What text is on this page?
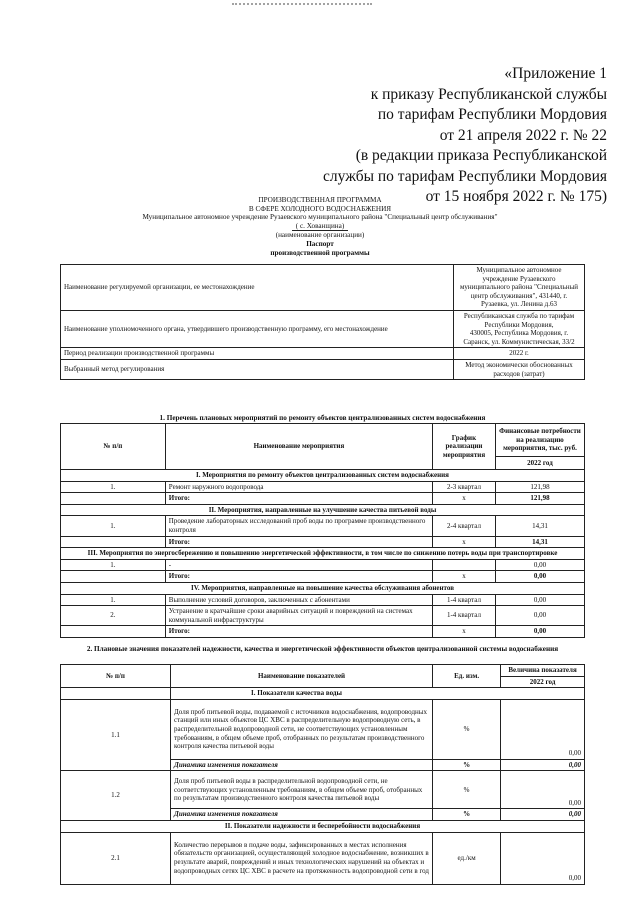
«Приложение 1
к приказу Республиканской службы
по тарифам Республики Мордовия
от 21 апреля 2022 г. № 22
(в редакции приказа Республиканской
службы по тарифам Республики Мордовия
от 15 ноября 2022 г. № 175)
ПРОИЗВОДСТВЕННАЯ ПРОГРАММА
В СФЕРЕ ХОЛОДНОГО ВОДОСНАБЖЕНИЯ
Муниципальное автономное учреждение Рузаевского муниципального района "Специальный центр обслуживания"
( с. Хованщина)
(наименование организации)
Паспорт
производственной программы
Наименование регулируемой организации, ее местонахождение	Муниципальное автономное
учреждение Рузаевского
муниципального района "Специальный
центр обслуживания", 431440, г.
Рузаевка, ул. Ленина д.63

Наименование уполномоченного органа, утвердившего производственную программу, его местонахождение	Республиканская служба по тарифам
Республики Мордовия,
430005, Республика Мордовия, г.
Саранск, ул. Коммунистическая, 33/2

Период реализации производственной программы	2022 г.
Выбранный метод регулирования	Метод экономически обоснованных
расходов (затрат)
1. Перечень плановых мероприятий по ремонту объектов централизованных систем водоснабжения
№ п/п	Наименование мероприятия	График реализации мероприятия	Финансовые потребности на реализацию мероприятия, тыс. руб.
			2022 год
I. Мероприятия по ремонту объектов централизованных систем водоснабжения			
1.	Ремонт наружного водопровода	2-3 квартал	121,98
	Итого:	x	121,98
II. Мероприятия, направленные на улучшение качества питьевой воды			
1.	Проведение лабораторных исследований проб воды по программе производственного контроля	2-4 квартал	14,31
	Итого:	x	14,31
III. Мероприятия по энергосбережению и повышению энергетической эффективности, в том числе по снижению потерь воды при транспортировке			
1.	-		0,00
	Итого:	x	0,00
IV. Мероприятия, направленные на повышение качества обслуживания абонентов			
1.	Выполнение условий договоров, заключенных с абонентами	1-4 квартал	0,00
2.	Устранение в кратчайшие сроки аварийных ситуаций и повреждений на системах коммунальной инфраструктуры	1-4 квартал	0,00
	Итого:	x	0,00
2. Плановые значения показателей надежности, качества и энергетической эффективности объектов централизованной системы водоснабжения
№ п/п	Наименование показателей	Ед. изм.	Величина показателя
			2022 год
	I. Показатели качества воды		
1.1	Доля проб питьевой воды, подаваемой с источников водоснабжения, водопроводных станций или иных объектов ЦС ХВС в распределительную водопроводную сеть, в распределительной водопроводной сети, не соответствующих установленным требованиям, в общем объеме проб, отобранных по результатам производственного контроля качества питьевой воды	%	0,00
	Динамика изменения показателя	%	0,00
1.2	Доля проб питьевой воды в распределительной водопроводной сети, не соответствующих установленным требованиям, в общем объеме проб, отобранных по результатам производственного контроля качества питьевой воды	%	0,00
	Динамика изменения показателя	%	0,00
II. Показатели надежности и бесперебойности водоснабжения			
2.1	Количество перерывов в подаче воды, зафиксированных в местах исполнения обязательств организацией, осуществляющей холодное водоснабжение, возникших в результате аварий, повреждений и иных технологических нарушений на объектах и водопроводных сетях ЦС ХВС в расчете на протяженность водопроводной сети в год	ед./км	0,00
